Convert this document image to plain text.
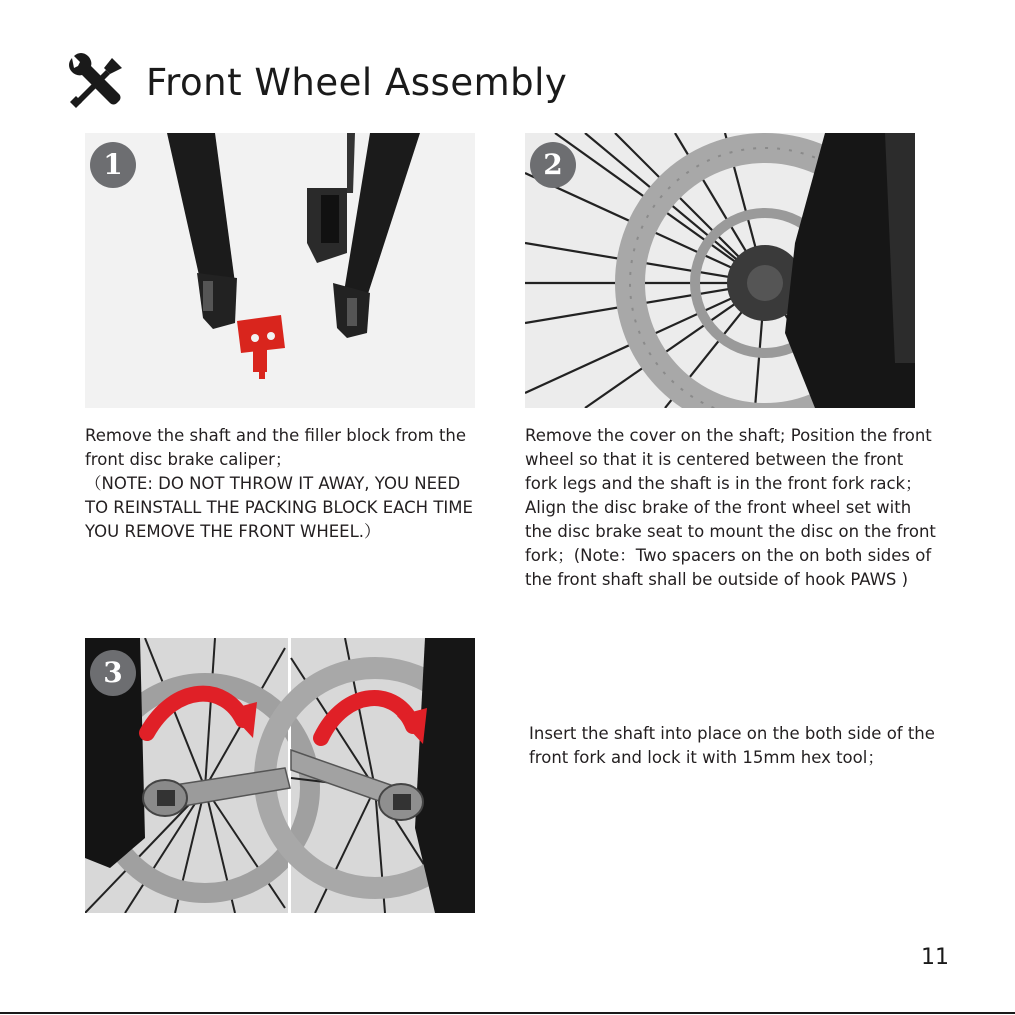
Front Wheel Assembly
1	2
3

Remove the shaft and the filler block from the front disc brake caliper；
（NOTE: DO NOT THROW IT AWAY, YOU NEED TO REINSTALL THE PACKING BLOCK EACH TIME YOU REMOVE THE FRONT WHEEL.）

Remove the cover on the shaft; Position the front wheel so that it is centered between the front fork legs and the shaft is in the front fork rack；Align the disc brake of the front wheel set with the disc brake seat to mount the disc on the front fork；(Note：Two spacers on the on both sides of the front shaft shall be outside of hook PAWS )

Insert the shaft into place on the both side of the front fork and lock it with 15mm hex tool；

11
